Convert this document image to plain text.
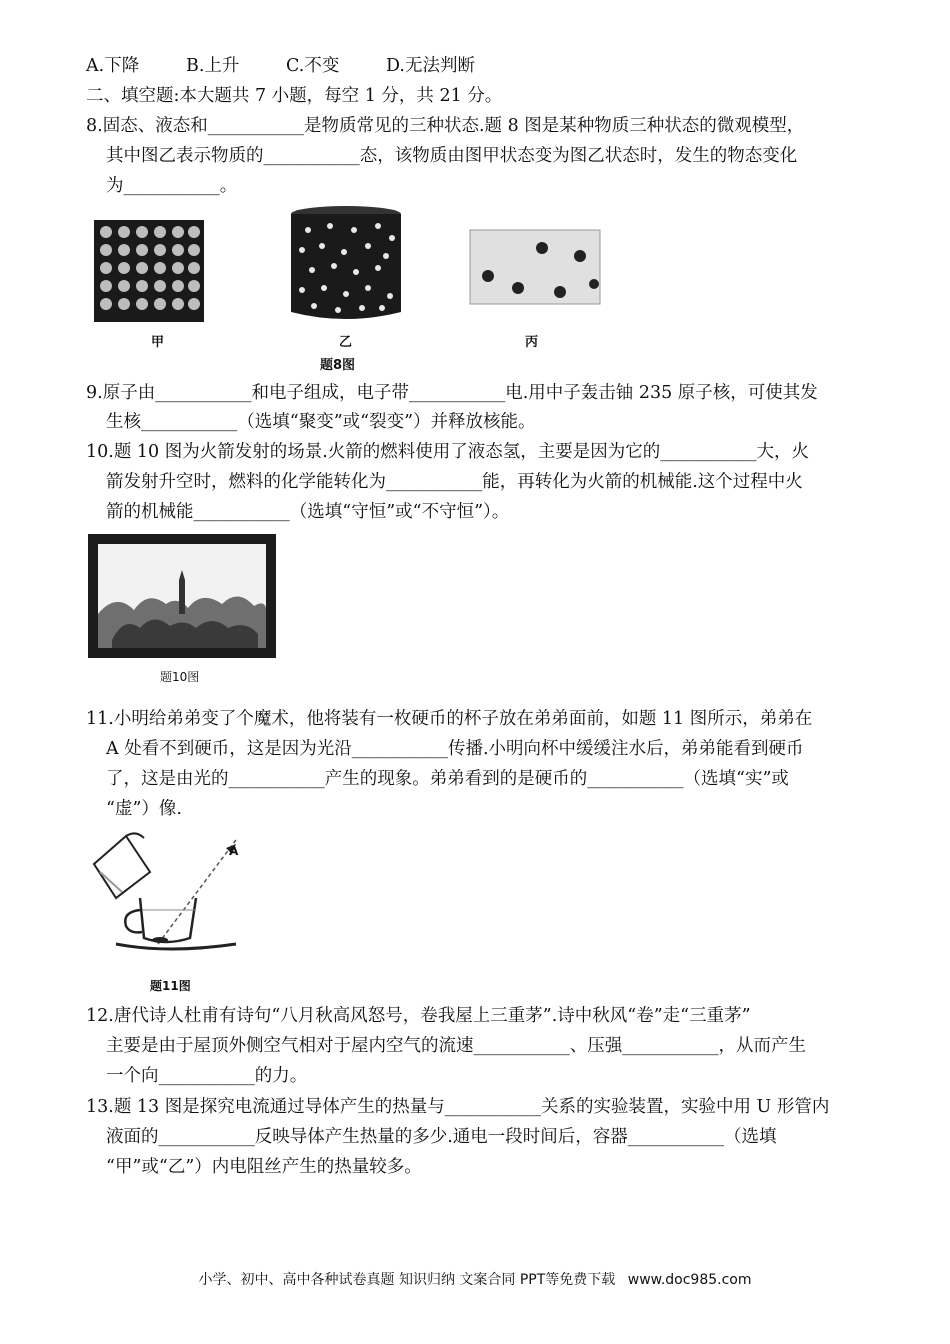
A.下降	B.上升	C.不变	D.无法判断
二、填空题:本大题共 7 小题，每空 1 分，共 21 分。
8.固态、液态和___________是物质常见的三种状态.题 8 图是某种物质三种状态的微观模型，
其中图乙表示物质的___________态，该物质由图甲状态变为图乙状态时，发生的物态变化
为___________。
甲	乙	丙
题8图
9.原子由___________和电子组成，电子带___________电.用中子轰击铀 235 原子核，可使其发
生核___________（选填“聚变”或“裂变”）并释放核能。
10.题 10 图为火箭发射的场景.火箭的燃料使用了液态氢，主要是因为它的___________大，火
箭发射升空时，燃料的化学能转化为___________能，再转化为火箭的机械能.这个过程中火
箭的机械能___________（选填“守恒”或“不守恒”）。
题10图
11.小明给弟弟变了个魔术，他将装有一枚硬币的杯子放在弟弟面前，如题 11 图所示，弟弟在
A 处看不到硬币，这是因为光沿___________传播.小明向杯中缓缓注水后，弟弟能看到硬币
了，这是由光的___________产生的现象。弟弟看到的是硬币的___________（选填“实”或
“虚”）像.
A
题11图
12.唐代诗人杜甫有诗句“八月秋高风怒号，卷我屋上三重茅”.诗中秋风“卷”走“三重茅”
主要是由于屋顶外侧空气相对于屋内空气的流速___________、压强___________，从而产生
一个向___________的力。
13.题 13 图是探究电流通过导体产生的热量与___________关系的实验装置，实验中用 U 形管内
液面的___________反映导体产生热量的多少.通电一段时间后，容器___________（选填
“甲”或“乙”）内电阻丝产生的热量较多。
小学、初中、高中各种试卷真题 知识归纳 文案合同 PPT等免费下载 www.doc985.com
